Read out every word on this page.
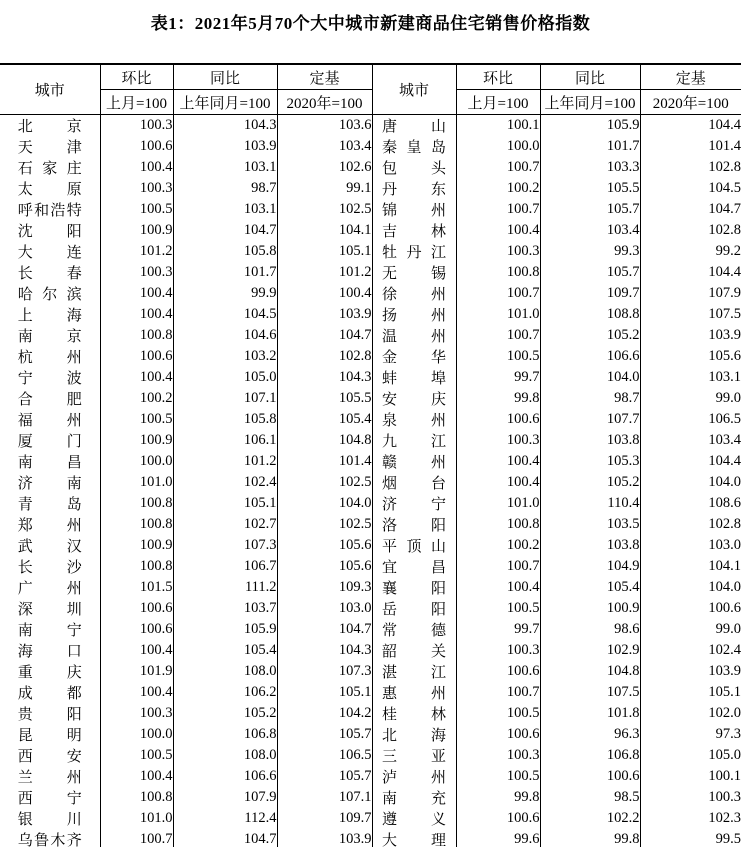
表1：2021年5月70个大中城市新建商品住宅销售价格指数
城市	环比	同比	定基	城市	环比	同比	定基
	上月=100	上年同月=100	2020年=100		上月=100	上年同月=100	2020年=100

北 京	100.3	104.3	103.6	唐 山	100.1	105.9	104.4

天 津	100.6	103.9	103.4	秦 皇 岛	100.0	101.7	101.4

石 家 庄	100.4	103.1	102.6	包 头	100.7	103.3	102.8

太 原	100.3	98.7	99.1	丹 东	100.2	105.5	104.5

呼 和 浩 特	100.5	103.1	102.5	锦 州	100.7	105.7	104.7

沈 阳	100.9	104.7	104.1	吉 林	100.4	103.4	102.8

大 连	101.2	105.8	105.1	牡 丹 江	100.3	99.3	99.2

长 春	100.3	101.7	101.2	无 锡	100.8	105.7	104.4

哈 尔 滨	100.4	99.9	100.4	徐 州	100.7	109.7	107.9

上 海	100.4	104.5	103.9	扬 州	101.0	108.8	107.5

南 京	100.8	104.6	104.7	温 州	100.7	105.2	103.9

杭 州	100.6	103.2	102.8	金 华	100.5	106.6	105.6

宁 波	100.4	105.0	104.3	蚌 埠	99.7	104.0	103.1

合 肥	100.2	107.1	105.5	安 庆	99.8	98.7	99.0

福 州	100.5	105.8	105.4	泉 州	100.6	107.7	106.5

厦 门	100.9	106.1	104.8	九 江	100.3	103.8	103.4

南 昌	100.0	101.2	101.4	赣 州	100.4	105.3	104.4

济 南	101.0	102.4	102.5	烟 台	100.4	105.2	104.0

青 岛	100.8	105.1	104.0	济 宁	101.0	110.4	108.6

郑 州	100.8	102.7	102.5	洛 阳	100.8	103.5	102.8

武 汉	100.9	107.3	105.6	平 顶 山	100.2	103.8	103.0

长 沙	100.8	106.7	105.6	宜 昌	100.7	104.9	104.1

广 州	101.5	111.2	109.3	襄 阳	100.4	105.4	104.0

深 圳	100.6	103.7	103.0	岳 阳	100.5	100.9	100.6

南 宁	100.6	105.9	104.7	常 德	99.7	98.6	99.0

海 口	100.4	105.4	104.3	韶 关	100.3	102.9	102.4

重 庆	101.9	108.0	107.3	湛 江	100.6	104.8	103.9

成 都	100.4	106.2	105.1	惠 州	100.7	107.5	105.1

贵 阳	100.3	105.2	104.2	桂 林	100.5	101.8	102.0

昆 明	100.0	106.8	105.7	北 海	100.6	96.3	97.3

西 安	100.5	108.0	106.5	三 亚	100.3	106.8	105.0

兰 州	100.4	106.6	105.7	泸 州	100.5	100.6	100.1

西 宁	100.8	107.9	107.1	南 充	99.8	98.5	100.3

银 川	101.0	112.4	109.7	遵 义	100.6	102.2	102.3

乌 鲁 木 齐	100.7	104.7	103.9	大 理	99.6	99.8	99.5
